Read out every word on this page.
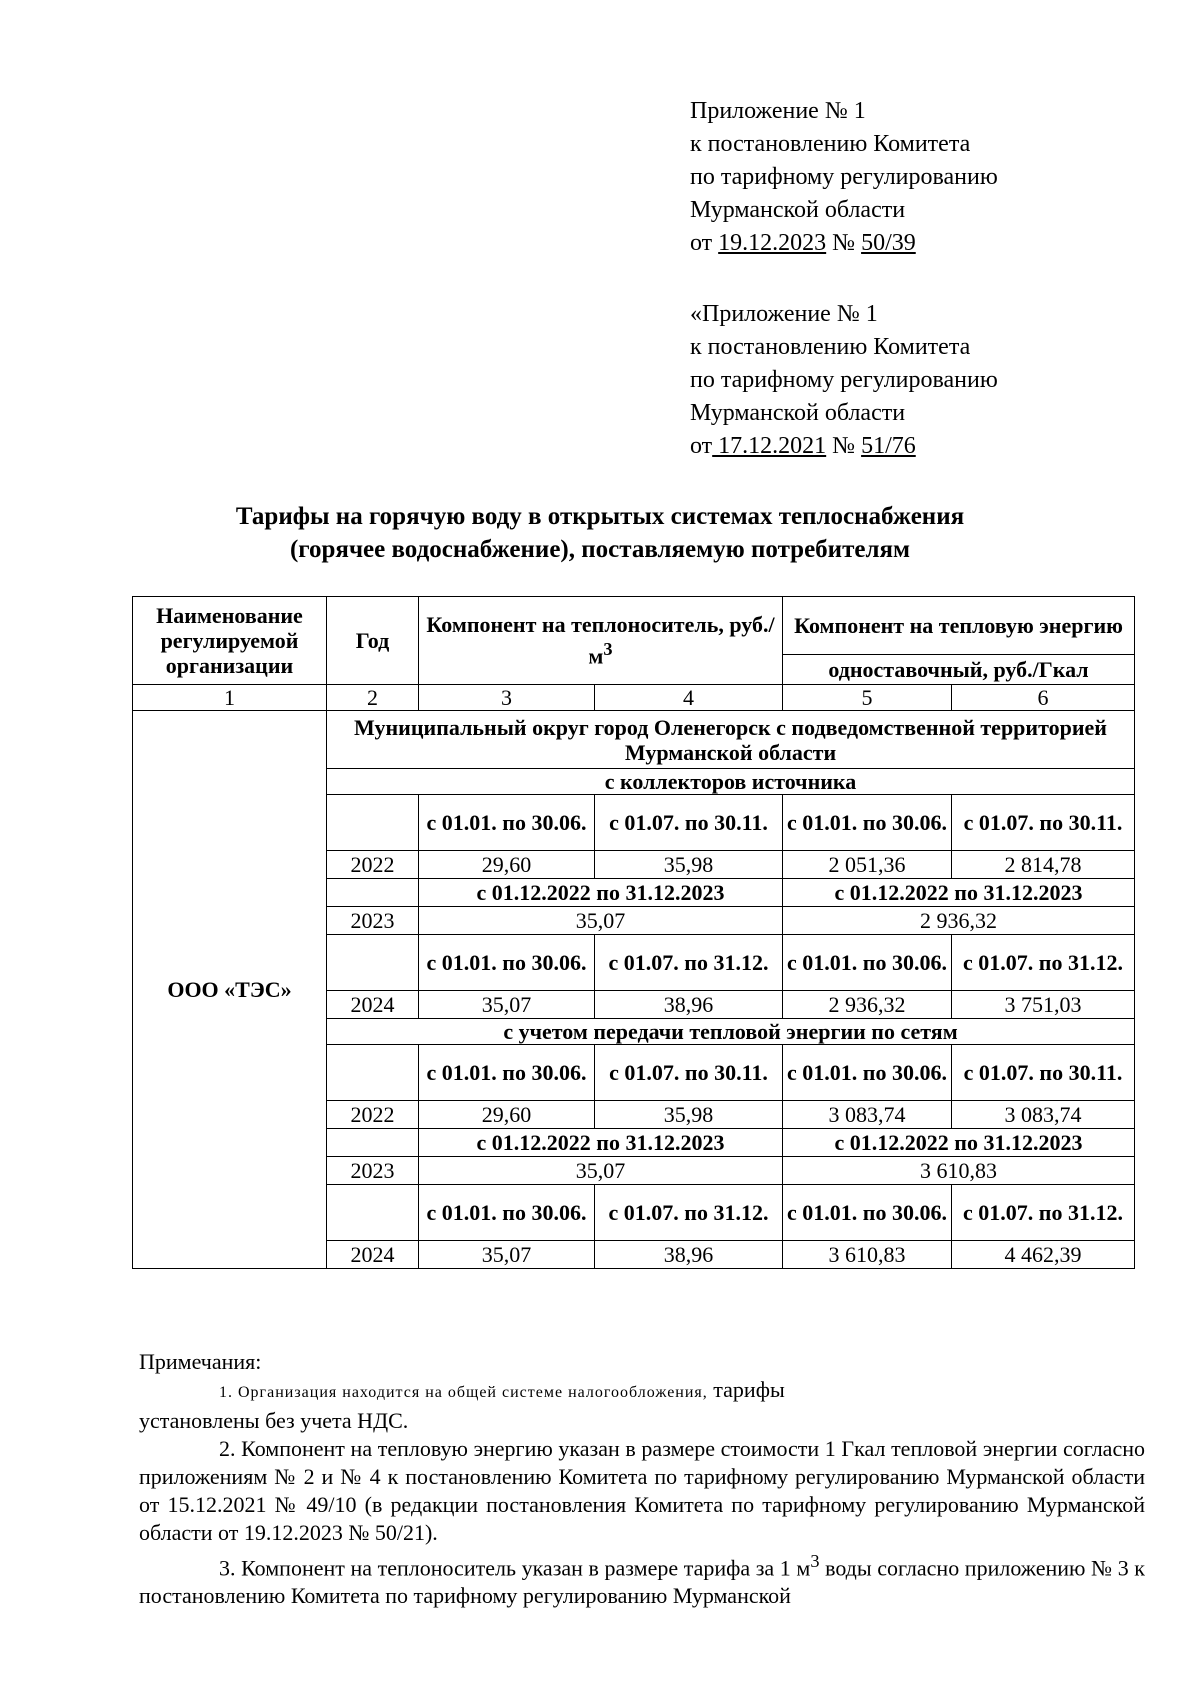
Приложение № 1
к постановлению Комитета
по тарифному регулированию
Мурманской области
от 19.12.2023 № 50/39
«Приложение № 1
к постановлению Комитета
по тарифному регулированию
Мурманской области
от 17.12.2021 № 51/76
Тарифы на горячую воду в открытых системах теплоснабжения
(горячее водоснабжение), поставляемую потребителям
Наименование регулируемой организации	Год	Компонент на теплоноситель, $руб./м^3$		Компонент на тепловую энергию	
				одноставочный, руб./Гкал	
1	2	3	4	5	6
ООО «ТЭС»	Муниципальный округ город Оленегорск с подведомственной территорией Мурманской области				
	с коллекторов источника				
		с 01.01. по 30.06.	с 01.07. по 30.11.	с 01.01. по 30.06.	с 01.07. по 30.11.
	2022	29,60	35,98	2 051,36	2 814,78
		с 01.12.2022 по 31.12.2023		с 01.12.2022 по 31.12.2023	
	2023	35,07		2 936,32	
		с 01.01. по 30.06.	с 01.07. по 31.12.	с 01.01. по 30.06.	с 01.07. по 31.12.
	2024	35,07	38,96	2 936,32	3 751,03
	с учетом передачи тепловой энергии по сетям				
		с 01.01. по 30.06.	с 01.07. по 30.11.	с 01.01. по 30.06.	с 01.07. по 30.11.
	2022	29,60	35,98	3 083,74	3 083,74
		с 01.12.2022 по 31.12.2023		с 01.12.2022 по 31.12.2023	
	2023	35,07		3 610,83	
		с 01.01. по 30.06.	с 01.07. по 31.12.	с 01.01. по 30.06.	с 01.07. по 31.12.
	2024	35,07	38,96	3 610,83	4 462,39

Примечания:

1. Организация находится на общей системе налогообложения, тарифы

установлены без учета НДС.

2. Компонент на тепловую энергию указан в размере стоимости 1 Гкал тепловой энергии согласно приложениям № 2 и № 4 к постановлению Комитета по тарифному регулированию Мурманской области от 15.12.2021 № 49/10 (в редакции постановления Комитета по тарифному регулированию Мурманской области от 19.12.2023 № 50/21).

3. Компонент на теплоноситель указан в размере тарифа за 1 $м^3$ воды согласно приложению № 3 к постановлению Комитета по тарифному регулированию Мурманской
